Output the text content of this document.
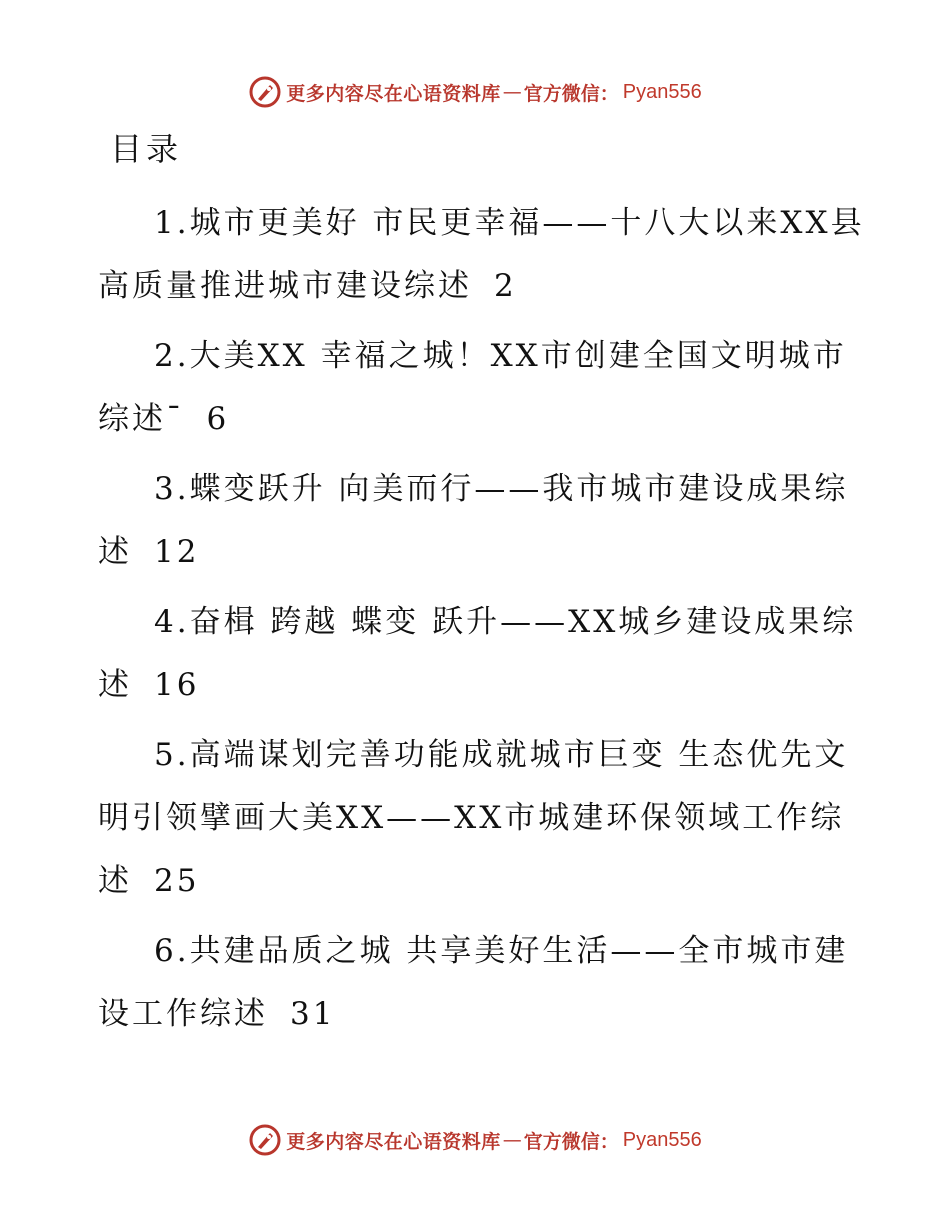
更多内容尽在心语资料库 — 官方微信： Pyan556
目录
1.城市更美好 市民更幸福——十八大以来XX县高质量推进城市建设综述 2
2.大美XX 幸福之城！XX市创建全国文明城市综述¯ 6
3.蝶变跃升 向美而行——我市城市建设成果综述 12
4.奋楫 跨越 蝶变 跃升——XX城乡建设成果综述 16
5.高端谋划完善功能成就城市巨变 生态优先文明引领擘画大美XX——XX市城建环保领域工作综述 25
6.共建品质之城 共享美好生活——全市城市建设工作综述 31
更多内容尽在心语资料库 — 官方微信： Pyan556
